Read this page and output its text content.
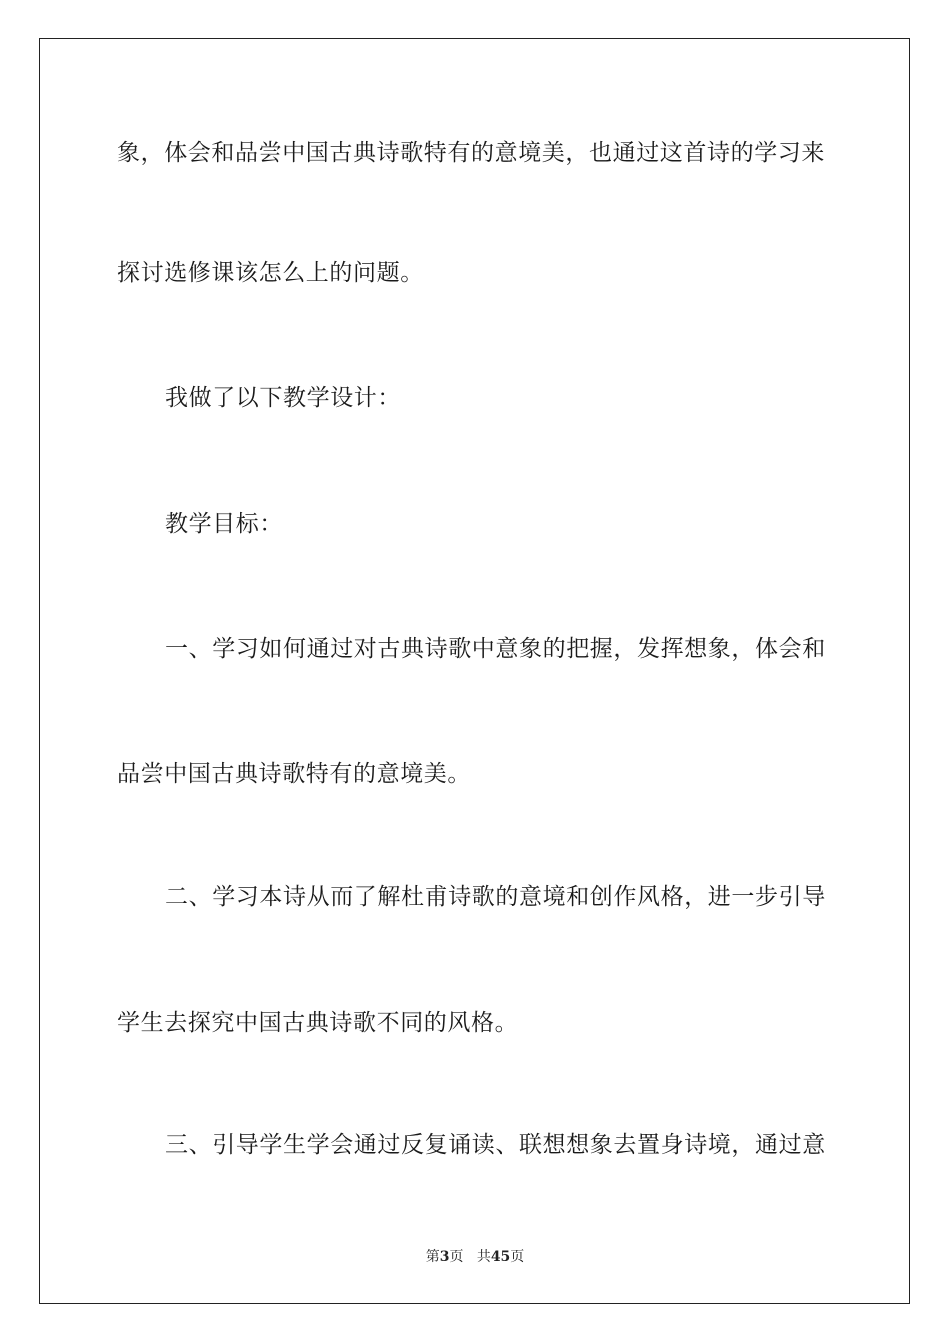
象，体会和品尝中国古典诗歌特有的意境美，也通过这首诗的学习来
探讨选修课该怎么上的问题。
我做了以下教学设计：
教学目标：
一、学习如何通过对古典诗歌中意象的把握，发挥想象，体会和
品尝中国古典诗歌特有的意境美。
二、学习本诗从而了解杜甫诗歌的意境和创作风格，进一步引导
学生去探究中国古典诗歌不同的风格。
三、引导学生学会通过反复诵读、联想想象去置身诗境，通过意
第3页 共45页
